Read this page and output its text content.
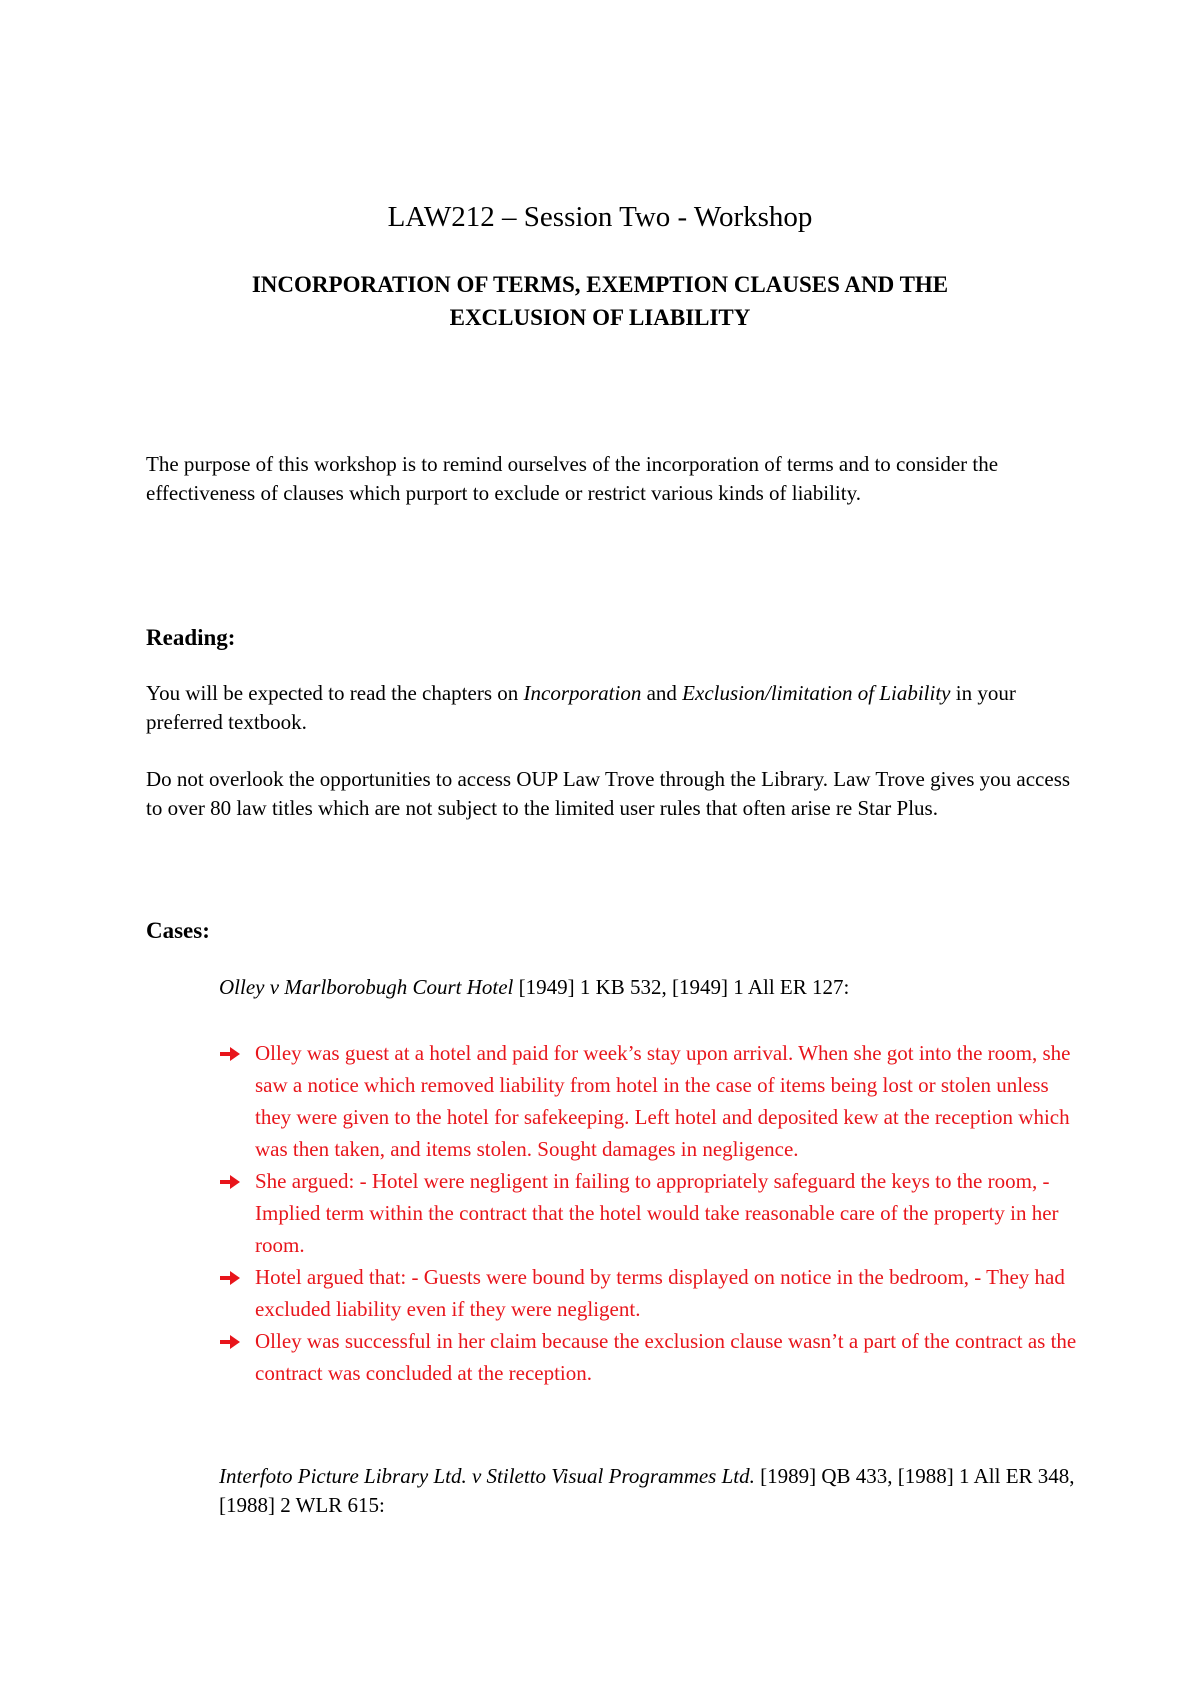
LAW212 – Session Two - Workshop
INCORPORATION OF TERMS, EXEMPTION CLAUSES AND THE
EXCLUSION OF LIABILITY

The purpose of this workshop is to remind ourselves of the incorporation of terms and to consider the effectiveness of clauses which purport to exclude or restrict various kinds of liability.

Reading:

You will be expected to read the chapters on Incorporation and Exclusion/limitation of Liability in your preferred textbook.

Do not overlook the opportunities to access OUP Law Trove through the Library. Law Trove gives you access to over 80 law titles which are not subject to the limited user rules that often arise re Star Plus.

Cases:

Olley v Marlborobugh Court Hotel [1949] 1 KB 532, [1949] 1 All ER 127:

Olley was guest at a hotel and paid for week’s stay upon arrival. When she got into the room, she saw a notice which removed liability from hotel in the case of items being lost or stolen unless they were given to the hotel for safekeeping. Left hotel and deposited kew at the reception which was then taken, and items stolen. Sought damages in negligence.
She argued: - Hotel were negligent in failing to appropriately safeguard the keys to the room, - Implied term within the contract that the hotel would take reasonable care of the property in her room.
Hotel argued that: - Guests were bound by terms displayed on notice in the bedroom, - They had excluded liability even if they were negligent.
Olley was successful in her claim because the exclusion clause wasn’t a part of the contract as the contract was concluded at the reception.

Interfoto Picture Library Ltd. v Stiletto Visual Programmes Ltd. [1989] QB 433, [1988] 1 All ER 348, [1988] 2 WLR 615:
